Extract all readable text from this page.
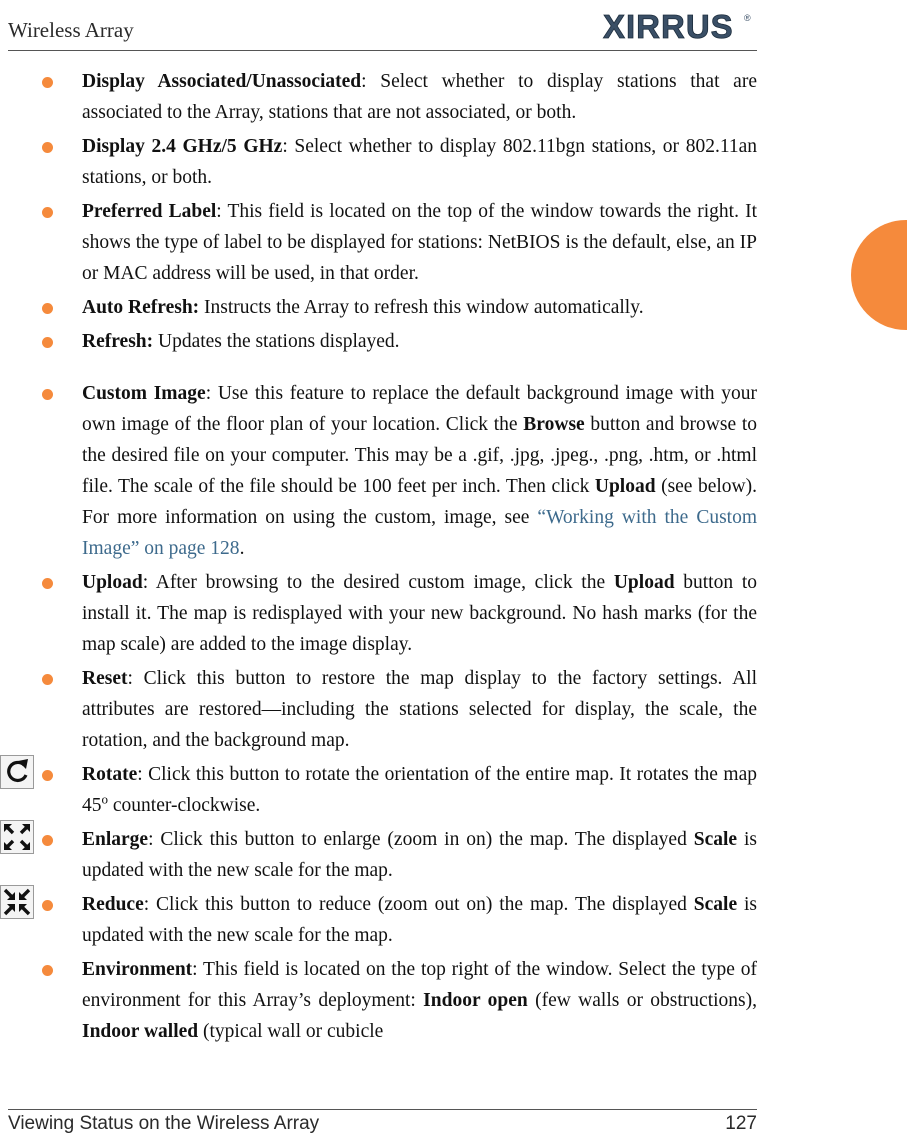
Wireless Array	XIRRUS ®
Display Associated/Unassociated: Select whether to display stations that are associated to the Array, stations that are not associated, or both.
Display 2.4 GHz/5 GHz: Select whether to display 802.11bgn stations, or 802.11an stations, or both.
Preferred Label: This field is located on the top of the window towards the right. It shows the type of label to be displayed for stations: NetBIOS is the default, else, an IP or MAC address will be used, in that order.
Auto Refresh: Instructs the Array to refresh this window automatically.
Refresh: Updates the stations displayed.
Custom Image: Use this feature to replace the default background image with your own image of the floor plan of your location. Click the Browse button and browse to the desired file on your computer. This may be a .gif, .jpg, .jpeg., .png, .htm, or .html file. The scale of the file should be 100 feet per inch. Then click Upload (see below). For more information on using the custom, image, see “Working with the Custom Image” on page 128.
Upload: After browsing to the desired custom image, click the Upload button to install it. The map is redisplayed with your new background. No hash marks (for the map scale) are added to the image display.
Reset: Click this button to restore the map display to the factory settings. All attributes are restored—including the stations selected for display, the scale, the rotation, and the background map.
Rotate: Click this button to rotate the orientation of the entire map. It rotates the map 45$^o$ counter-clockwise.
Enlarge: Click this button to enlarge (zoom in on) the map. The displayed Scale is updated with the new scale for the map.
Reduce: Click this button to reduce (zoom out on) the map. The displayed Scale is updated with the new scale for the map.
Environment: This field is located on the top right of the window. Select the type of environment for this Array’s deployment: Indoor open (few walls or obstructions), Indoor walled (typical wall or cubicle
Viewing Status on the Wireless Array	127
